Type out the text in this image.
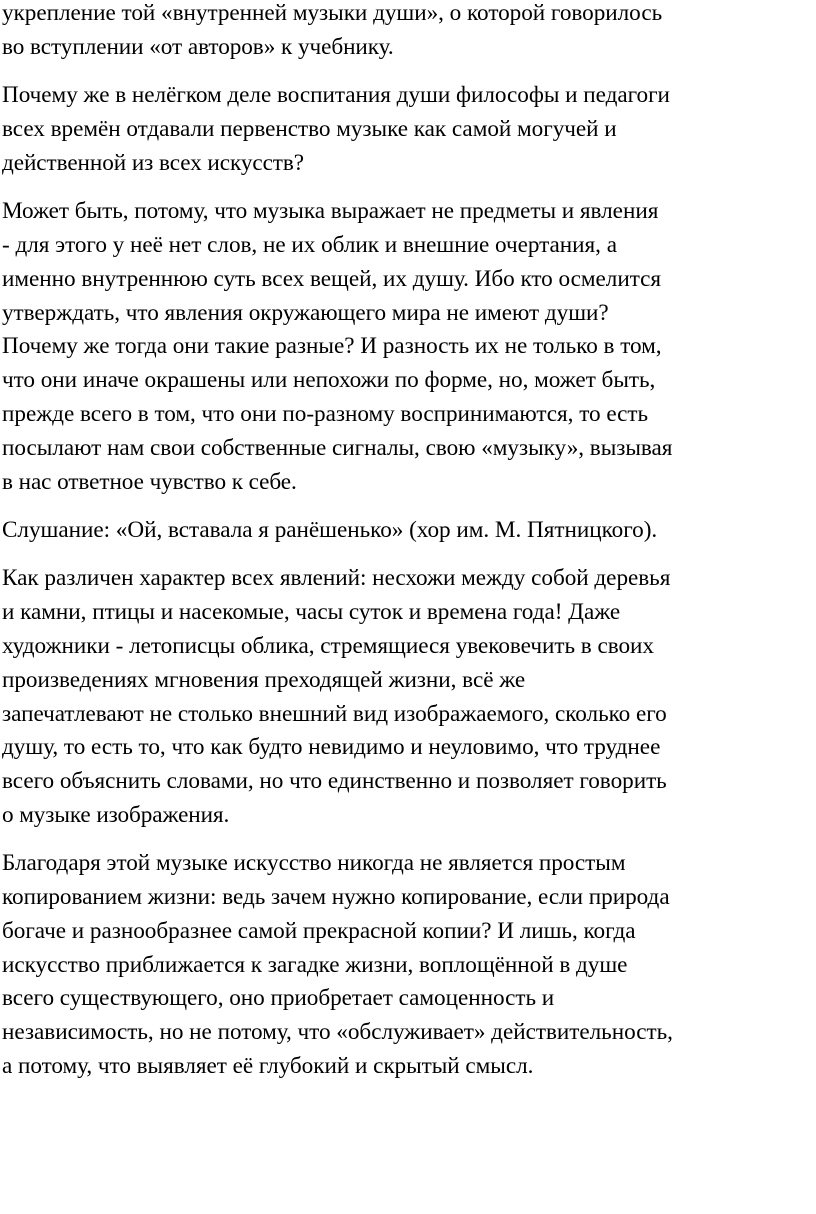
укрепление той «внутренней музыки души», о которой говорилось
во вступлении «от авторов» к учебнику.

Почему же в нелёгком деле воспитания души философы и педагоги
всех времён отдавали первенство музыке как самой могучей и
действенной из всех искусств?

Может быть, потому, что музыка выражает не предметы и явления
- для этого у неё нет слов, не их облик и внешние очертания, а
именно внутреннюю суть всех вещей, их душу. Ибо кто осмелится
утверждать, что явления окружающего мира не имеют души?
Почему же тогда они такие разные? И разность их не только в том,
что они иначе окрашены или непохожи по форме, но, может быть,
прежде всего в том, что они по-разному воспринимаются, то есть
посылают нам свои собственные сигналы, свою «музыку», вызывая
в нас ответное чувство к себе.

Слушание: «Ой, вставала я ранёшенько» (хор им. М. Пятницкого).

Как различен характер всех явлений: несхожи между собой деревья
и камни, птицы и насекомые, часы суток и времена года! Даже
художники - летописцы облика, стремящиеся увековечить в своих
произведениях мгновения преходящей жизни, всё же
запечатлевают не столько внешний вид изображаемого, сколько его
душу, то есть то, что как будто невидимо и неуловимо, что труднее
всего объяснить словами, но что единственно и позволяет говорить
о музыке изображения.

Благодаря этой музыке искусство никогда не является простым
копированием жизни: ведь зачем нужно копирование, если природа
богаче и разнообразнее самой прекрасной копии? И лишь, когда
искусство приближается к загадке жизни, воплощённой в душе
всего существующего, оно приобретает самоценность и
независимость, но не потому, что «обслуживает» действительность,
а потому, что выявляет её глубокий и скрытый смысл.
